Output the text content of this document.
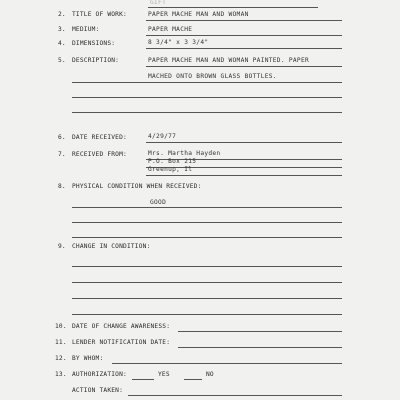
GIFT
2. TITLE OF WORK:	PAPER MACHE MAN AND WOMAN
3. MEDIUM:	PAPER MACHE
4. DIMENSIONS:	8 3/4" x 3 3/4"
5. DESCRIPTION:	PAPER MACHE MAN AND WOMAN PAINTED. PAPER
MACHED ONTO BROWN GLASS BOTTLES.
6. DATE RECEIVED:	4/29/77
7. RECEIVED FROM:	Mrs. Martha Hayden
P.O. Box 215
Greenup, Il
8. PHYSICAL CONDITION WHEN RECEIVED:
GOOD
9. CHANGE IN CONDITION:
10. DATE OF CHANGE AWARENESS:
11. LENDER NOTIFICATION DATE:
12. BY WHOM:
13. AUTHORIZATION:	YES	NO
ACTION TAKEN:
